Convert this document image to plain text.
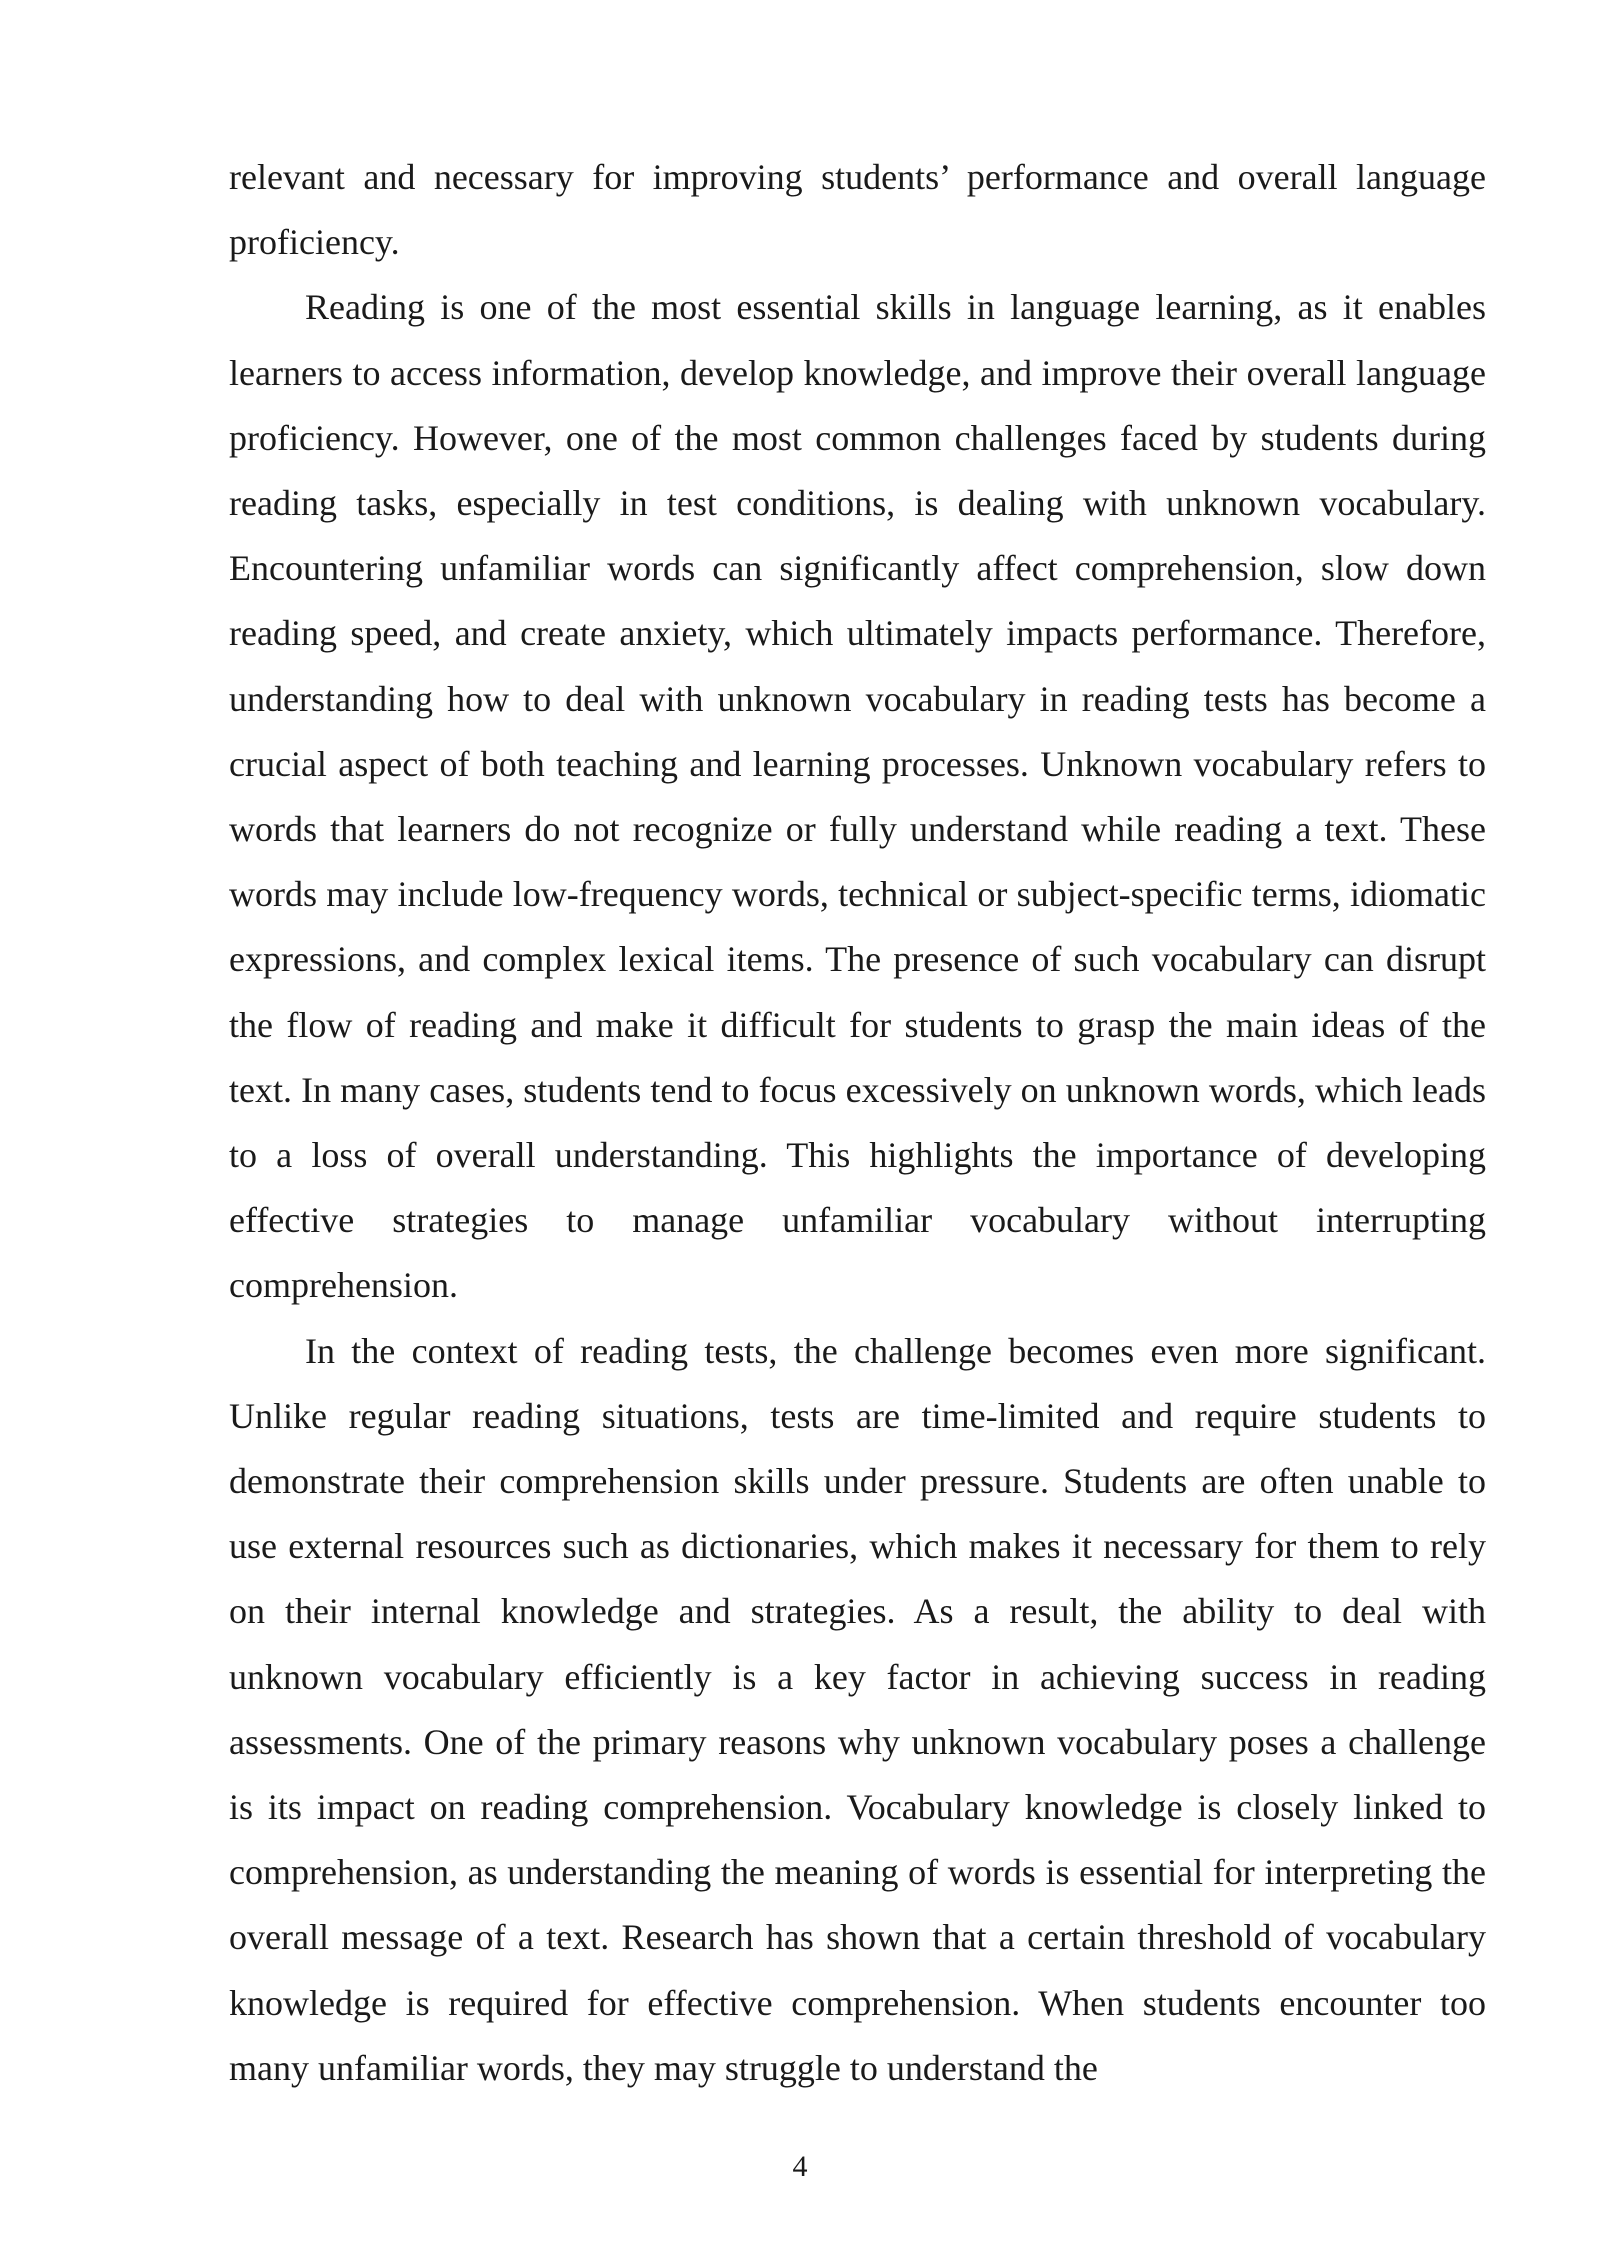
relevant and necessary for improving students’ performance and overall language proficiency.

Reading is one of the most essential skills in language learning, as it enables learners to access information, develop knowledge, and improve their overall language proficiency. However, one of the most common challenges faced by students during reading tasks, especially in test conditions, is dealing with unknown vocabulary. Encountering unfamiliar words can significantly affect comprehension, slow down reading speed, and create anxiety, which ultimately impacts performance. Therefore, understanding how to deal with unknown vocabulary in reading tests has become a crucial aspect of both teaching and learning processes. Unknown vocabulary refers to words that learners do not recognize or fully understand while reading a text. These words may include low-frequency words, technical or subject-specific terms, idiomatic expressions, and complex lexical items. The presence of such vocabulary can disrupt the flow of reading and make it difficult for students to grasp the main ideas of the text. In many cases, students tend to focus excessively on unknown words, which leads to a loss of overall understanding. This highlights the importance of developing effective strategies to manage unfamiliar vocabulary without interrupting comprehension.

In the context of reading tests, the challenge becomes even more significant. Unlike regular reading situations, tests are time-limited and require students to demonstrate their comprehension skills under pressure. Students are often unable to use external resources such as dictionaries, which makes it necessary for them to rely on their internal knowledge and strategies. As a result, the ability to deal with unknown vocabulary efficiently is a key factor in achieving success in reading assessments. One of the primary reasons why unknown vocabulary poses a challenge is its impact on reading comprehension. Vocabulary knowledge is closely linked to comprehension, as understanding the meaning of words is essential for interpreting the overall message of a text. Research has shown that a certain threshold of vocabulary knowledge is required for effective comprehension. When students encounter too many unfamiliar words, they may struggle to understand the

4
